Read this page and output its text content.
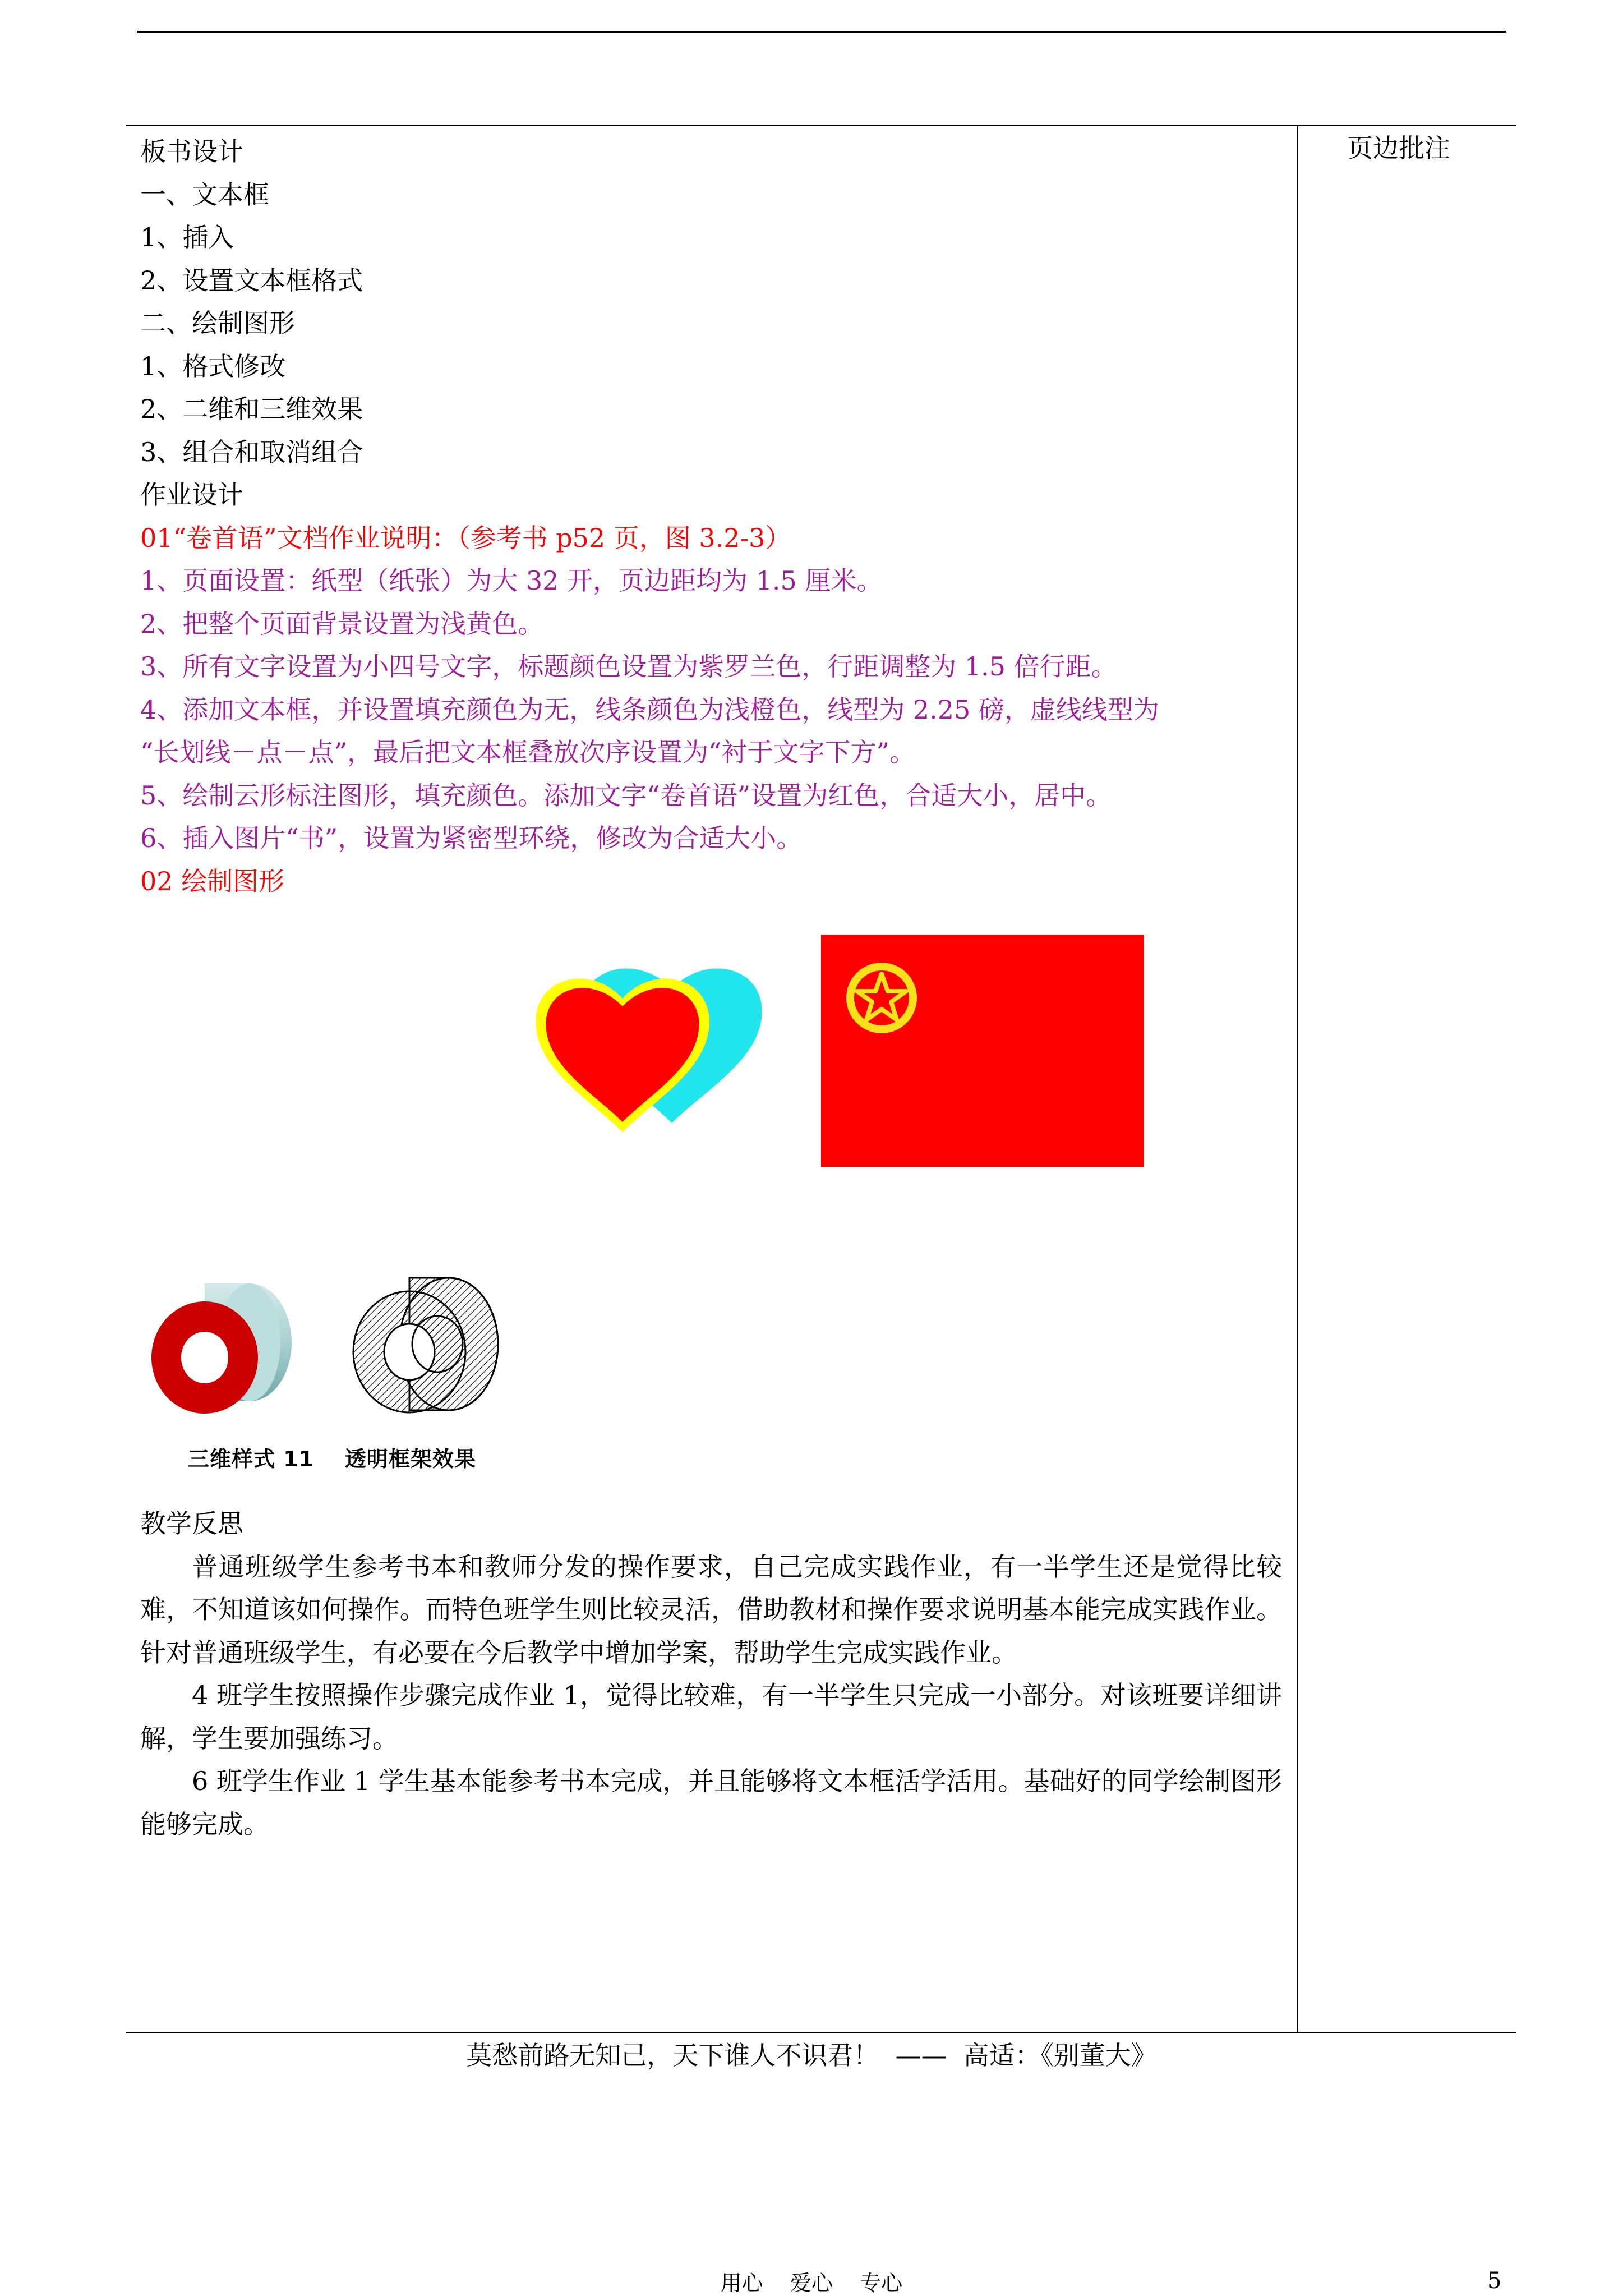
页边批注
板书设计
一、文本框
1、插入
2、设置文本框格式
二、绘制图形
1、格式修改
2、二维和三维效果
3、组合和取消组合
作业设计
01“卷首语”文档作业说明：（参考书 p52 页，图 3.2-3）
1、页面设置：纸型（纸张）为大 32 开，页边距均为 1.5 厘米。
2、把整个页面背景设置为浅黄色。
3、所有文字设置为小四号文字，标题颜色设置为紫罗兰色，行距调整为 1.5 倍行距。
4、添加文本框，并设置填充颜色为无，线条颜色为浅橙色，线型为 2.25 磅，虚线线型为
“长划线－点－点”，最后把文本框叠放次序设置为“衬于文字下方”。
5、绘制云形标注图形，填充颜色。添加文字“卷首语”设置为红色，合适大小，居中。
6、插入图片“书”，设置为紧密型环绕，修改为合适大小。
02 绘制图形
三维样式 11 透明框架效果
教学反思
普通班级学生参考书本和教师分发的操作要求，自己完成实践作业，有一半学生还是觉得比较难，不知道该如何操作。而特色班学生则比较灵活，借助教材和操作要求说明基本能完成实践作业。针对普通班级学生，有必要在今后教学中增加学案，帮助学生完成实践作业。
4 班学生按照操作步骤完成作业 1，觉得比较难，有一半学生只完成一小部分。对该班要详细讲解，学生要加强练习。
6 班学生作业 1 学生基本能参考书本完成，并且能够将文本框活学活用。基础好的同学绘制图形能够完成。
莫愁前路无知己，天下谁人不识君！  ——  高适：《别董大》
用心    爱心    专心	5
